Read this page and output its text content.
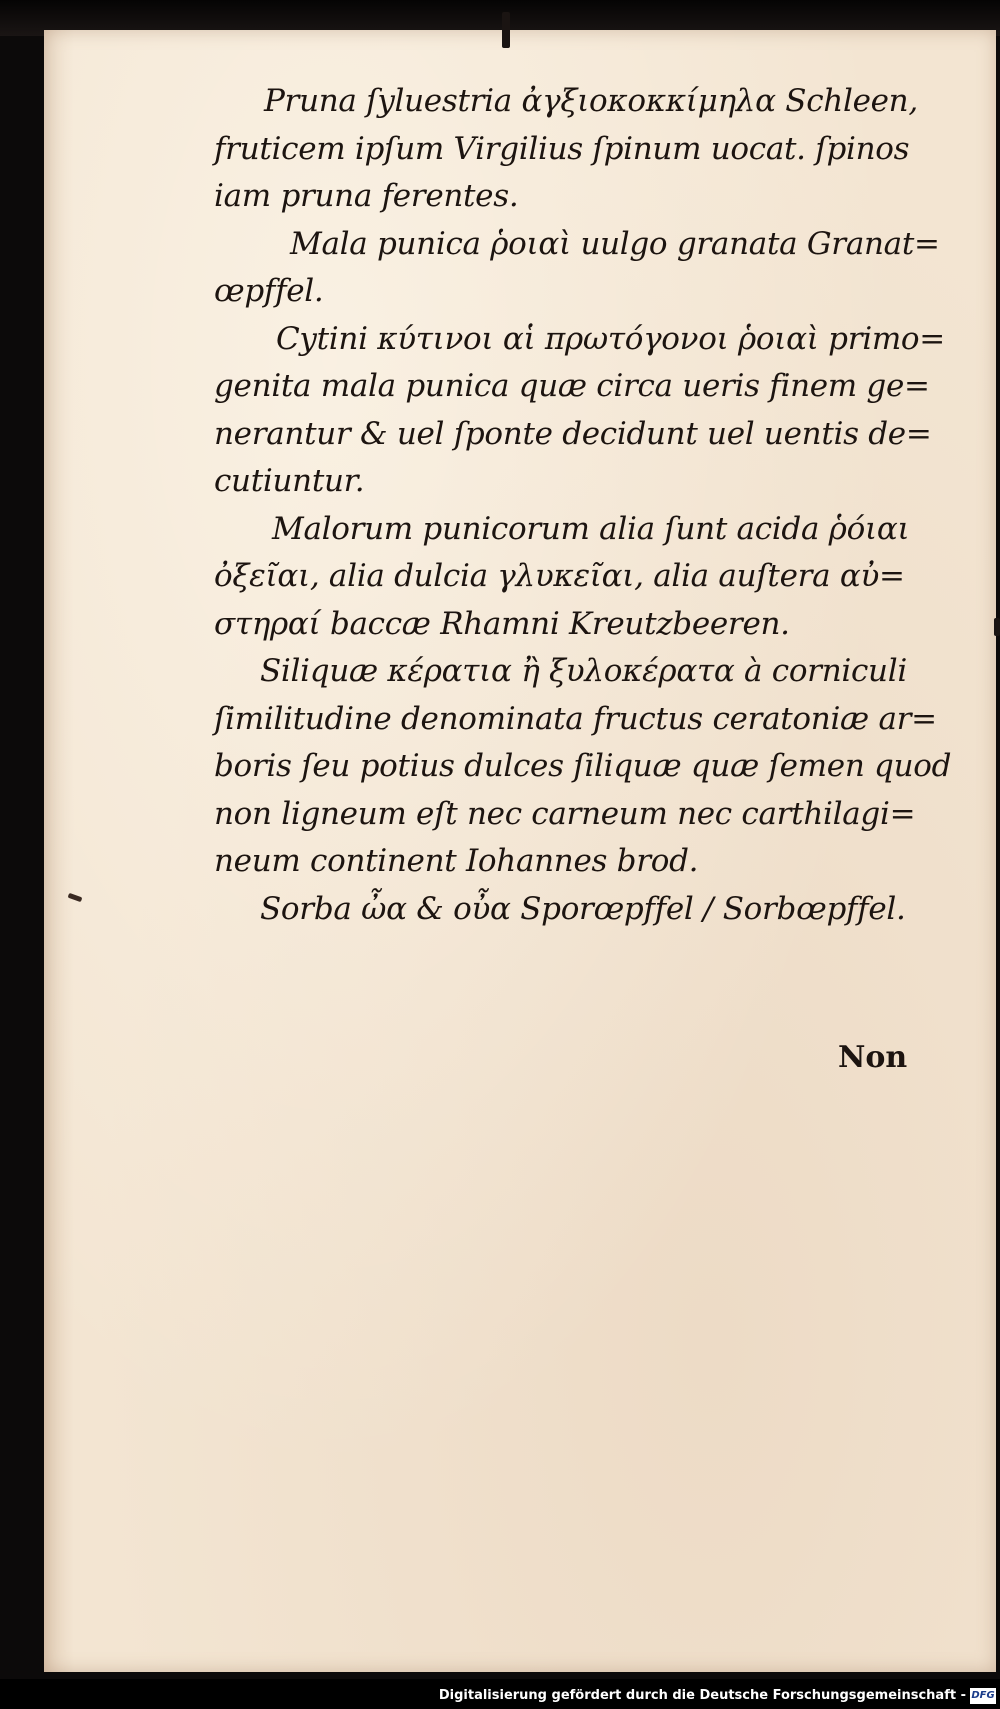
Pruna ſyluestria ἀγξιοκοκκίμηλα Schleen,
fruticem ipſum Virgilius ſpinum uocat. ſpinos
iam pruna ferentes.
Mala punica ῥοιαὶ uulgo granata Granat=
œpffel.
Cytini κύτινοι αἱ πρωτόγονοι ῥοιαὶ primo=
genita mala punica quæ circa ueris finem ge=
nerantur & uel ſponte decidunt uel uentis de=
cutiuntur.
Malorum punicorum alia ſunt acida ῥόιαι
ὀξεῖαι, alia dulcia γλυκεῖαι, alia auſtera αὐ=
στηραί baccæ Rhamni Kreutzbeeren.
Siliquæ κέρατια ἢ ξυλοκέρατα à corniculi
ſimilitudine denominata fructus ceratoniæ ar=
boris ſeu potius dulces ſiliquæ quæ ſemen quod
non ligneum eſt nec carneum nec carthilagi=
neum continent Iohannes brod.
Sorba ὦα & οὖα Sporœpffel / Sorbœpffel.
Non
Digitalisierung gefördert durch die Deutsche Forschungsgemeinschaft - DFG
